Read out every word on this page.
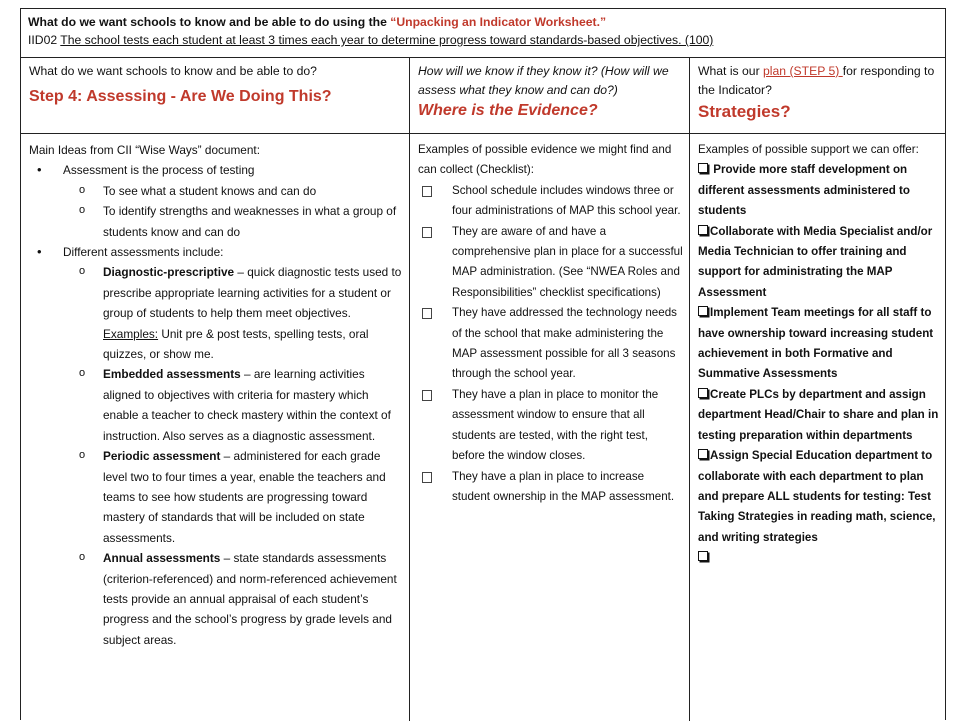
What do we want schools to know and be able to do using the “Unpacking an Indicator Worksheet.”
IID02 The school tests each student at least 3 times each year to determine progress toward standards-based objectives. (100)
What do we want schools to know and be able to do?
Step 4: Assessing - Are We Doing This?
Main Ideas from CII “Wise Ways” document:
• Assessment is the process of testing
o To see what a student knows and can do
o To identify strengths and weaknesses in what a group of students know and can do
• Different assessments include:
o Diagnostic-prescriptive – quick diagnostic tests used to prescribe appropriate learning activities for a student or group of students to help them meet objectives. Examples: Unit pre & post tests, spelling tests, oral quizzes, or show me.
o Embedded assessments – are learning activities aligned to objectives with criteria for mastery which enable a teacher to check mastery within the context of instruction. Also serves as a diagnostic assessment.
o Periodic assessment – administered for each grade level two to four times a year, enable the teachers and teams to see how students are progressing toward mastery of standards that will be included on state assessments.
o Annual assessments – state standards assessments (criterion-referenced) and norm-referenced achievement tests provide an annual appraisal of each student’s progress and the school’s progress by grade levels and subject areas.
How will we know if they know it? (How will we assess what they know and can do?)
Where is the Evidence?
Examples of possible evidence we might find and can collect (Checklist):
School schedule includes windows three or four administrations of MAP this school year.
They are aware of and have a comprehensive plan in place for a successful MAP administration. (See “NWEA Roles and Responsibilities” checklist specifications)
They have addressed the technology needs of the school that make administering the MAP assessment possible for all 3 seasons through the school year.
They have a plan in place to monitor the assessment window to ensure that all students are tested, with the right test, before the window closes.
They have a plan in place to increase student ownership in the MAP assessment.
What is our plan (STEP 5) for responding to the Indicator?
Strategies?
Examples of possible support we can offer:
Provide more staff development on different assessments administered to students
Collaborate with Media Specialist and/or Media Technician to offer training and support for administrating the MAP Assessment
Implement Team meetings for all staff to have ownership toward increasing student achievement in both Formative and Summative Assessments
Create PLCs by department and assign department Head/Chair to share and plan in testing preparation within departments
Assign Special Education department to collaborate with each department to plan and prepare ALL students for testing: Test Taking Strategies in reading math, science, and writing strategies
